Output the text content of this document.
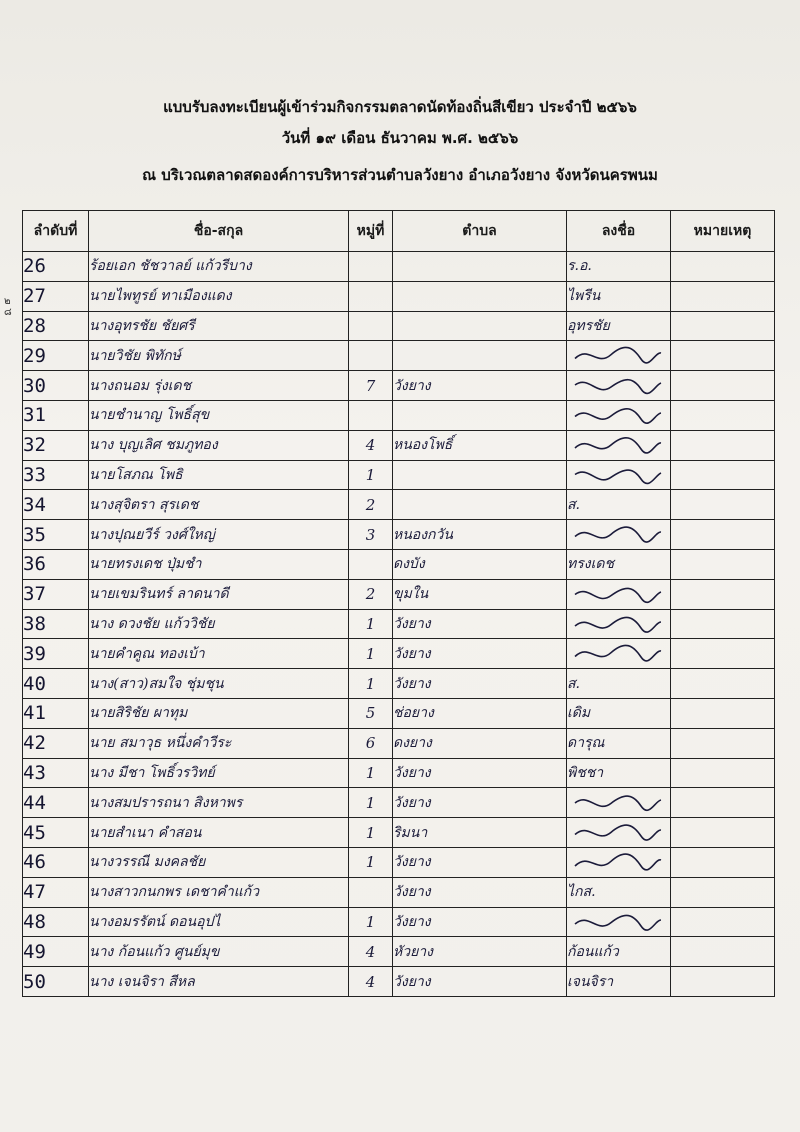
๒ ๘
แบบรับลงทะเบียนผู้เข้าร่วมกิจกรรมตลาดนัดท้องถิ่นสีเขียว ประจำปี ๒๕๖๖
วันที่ ๑๙ เดือน ธันวาคม พ.ศ. ๒๕๖๖
ณ บริเวณตลาดสดองค์การบริหารส่วนตำบลวังยาง อำเภอวังยาง จังหวัดนครพนม
ลำดับที่	ชื่อ-สกุล	หมู่ที่	ตำบล	ลงชื่อ	หมายเหตุ
26	ร้อยเอก ชัชวาลย์ แก้วรีบาง			ร.อ.	
27	นายไพทูรย์ ทาเมืองแดง			ไพรีน	
28	นางอุทรชัย ชัยศรี			อุทรชัย	
29	นายวิชัย พิทักษ์			

30	นางถนอม รุ่งเดช	7	วังยาง	

31	นายชำนาญ โพธิ์สุข			

32	นาง บุญเลิศ ชมภูทอง	4	หนองโพธิ์	

33	นายโสภณ โพธิ	1		

34	นางสุจิตรา สุรเดช	2		ส.	
35	นางปุณยวีร์ วงศ์ใหญ่	3	หนองกวัน	

36	นายทรงเดช ปุ่มชำ		ดงบัง	ทรงเดช	
37	นายเขมรินทร์ ลาดนาดี	2	ขุมใน	

38	นาง ดวงชัย แก้ววิชัย	1	วังยาง	

39	นายคำคูณ ทองเบ้า	1	วังยาง	

40	นาง(สาว)สมใจ ชุ่มชุน	1	วังยาง	ส.	
41	นายสิริชัย ผาทุม	5	ช่อยาง	เดิม	
42	นาย สมาวุธ หนึ่งคำวีระ	6	ดงยาง	ดารุณ	
43	นาง มีชา โพธิ์วรวิทย์	1	วังยาง	พิชชา	
44	นางสมปรารถนา สิงหาพร	1	วังยาง	

45	นายสำเนา คำสอน	1	ริมนา	

46	นางวรรณี มงคลชัย	1	วังยาง	

47	นางสาวกนกพร เดชาคำแก้ว		วังยาง	ไกส.	
48	นางอมรรัตน์ ดอนอุปไ	1	วังยาง	

49	นาง ก้อนแก้ว ศูนย์มุข	4	หัวยาง	ก้อนแก้ว	
50	นาง เจนจิรา สีหล	4	วังยาง	เจนจิรา	
